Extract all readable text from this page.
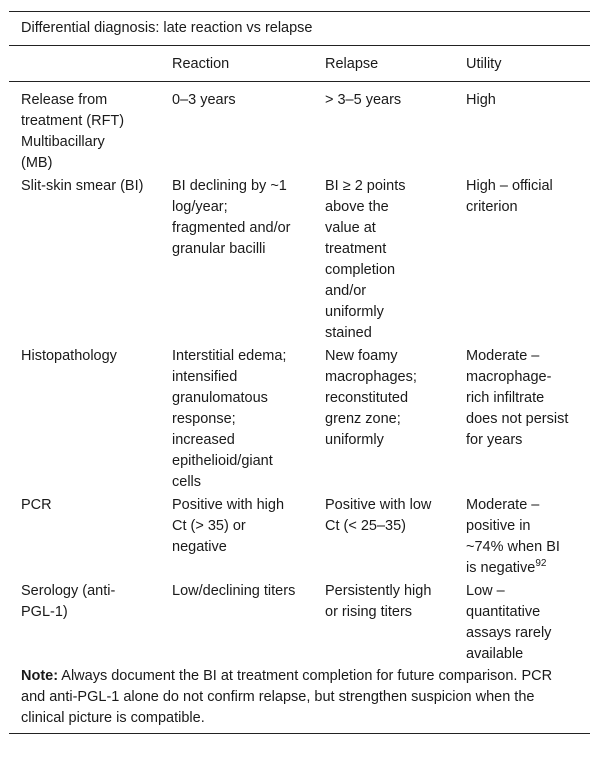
Differential diagnosis: late reaction vs relapse
	Reaction	Relapse	Utility
Release from treatment (RFT) Multibacillary (MB)	0–3 years	> 3–5 years	High
Slit-skin smear (BI)	BI declining by ~1 log/year; fragmented and/or granular bacilli	BI ≥ 2 points above the value at treatment completion and/or uniformly stained	High – official criterion
Histopathology	Interstitial edema; intensified granulomatous response; increased epithelioid/giant cells	New foamy macrophages; reconstituted grenz zone; uniformly	Moderate – macrophage-rich infiltrate does not persist for years
PCR	Positive with high Ct (> 35) or negative	Positive with low Ct (< 25–35)	Moderate – positive in ~74% when BI is negative$^{92}$
Serology (anti-PGL-1)	Low/declining titers	Persistently high or rising titers	Low – quantitative assays rarely available
Note: Always document the BI at treatment completion for future comparison. PCR and anti-PGL-1 alone do not confirm relapse, but strengthen suspicion when the clinical picture is compatible.
